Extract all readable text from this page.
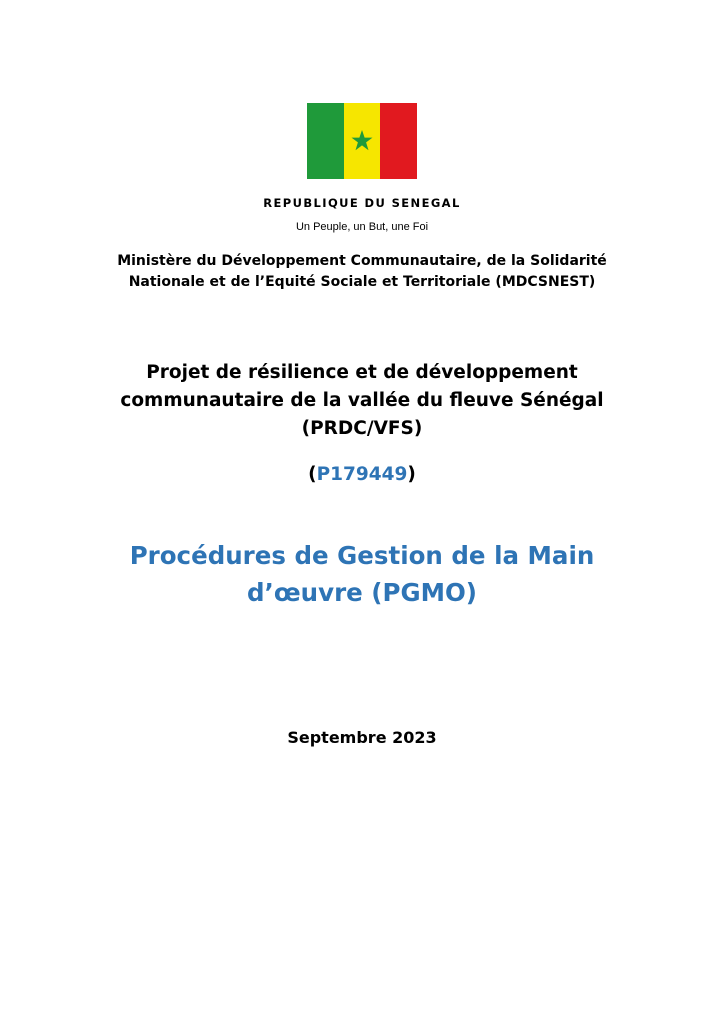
REPUBLIQUE DU SENEGAL
Un Peuple, un But, une Foi
Ministère du Développement Communautaire, de la Solidarité
Nationale et de l’Equité Sociale et Territoriale (MDCSNEST)
Projet de résilience et de développement
communautaire de la vallée du fleuve Sénégal
(PRDC/VFS)
(P179449)
Procédures de Gestion de la Main
d’œuvre (PGMO)
Septembre 2023
